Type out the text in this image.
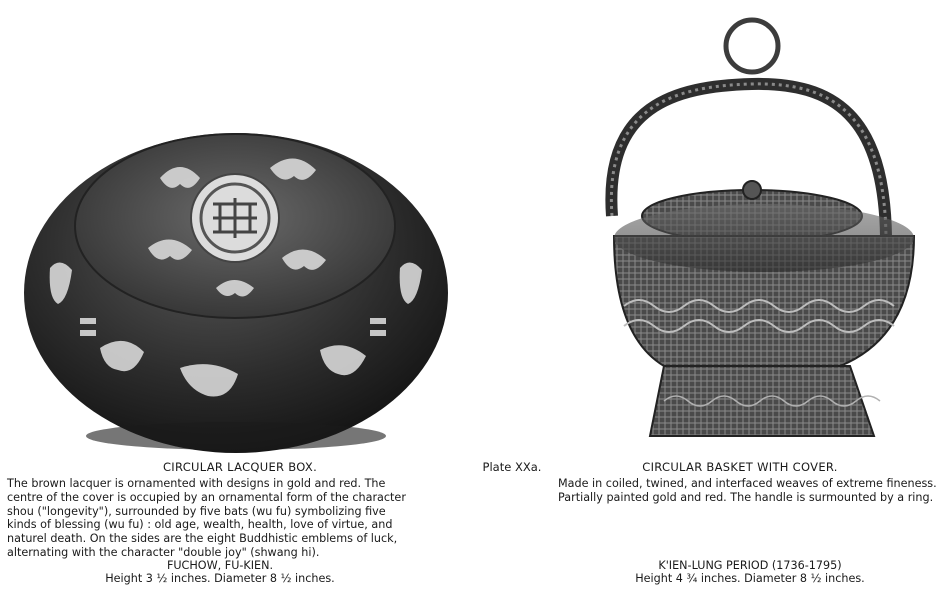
CIRCULAR LACQUER BOX.	Plate XXa.	CIRCULAR BASKET WITH COVER.
The brown lacquer is ornamented with designs in gold and red. The
centre of the cover is occupied by an ornamental form of the character
shou ("longevity"), surrounded by five bats (wu fu) symbolizing five
kinds of blessing (wu fu) : old age, wealth, health, love of virtue, and
naturel death. On the sides are the eight Buddhistic emblems of luck,
alternating with the character "double joy" (shwang hi).
Made in coiled, twined, and interfaced weaves of extreme fineness.
Partially painted gold and red. The handle is surmounted by a ring.
FUCHOW, FU-KIEN.
Height 3 ½ inches. Diameter 8 ½ inches.
K'IEN-LUNG PERIOD (1736-1795)
Height 4 ¾ inches. Diameter 8 ½ inches.
